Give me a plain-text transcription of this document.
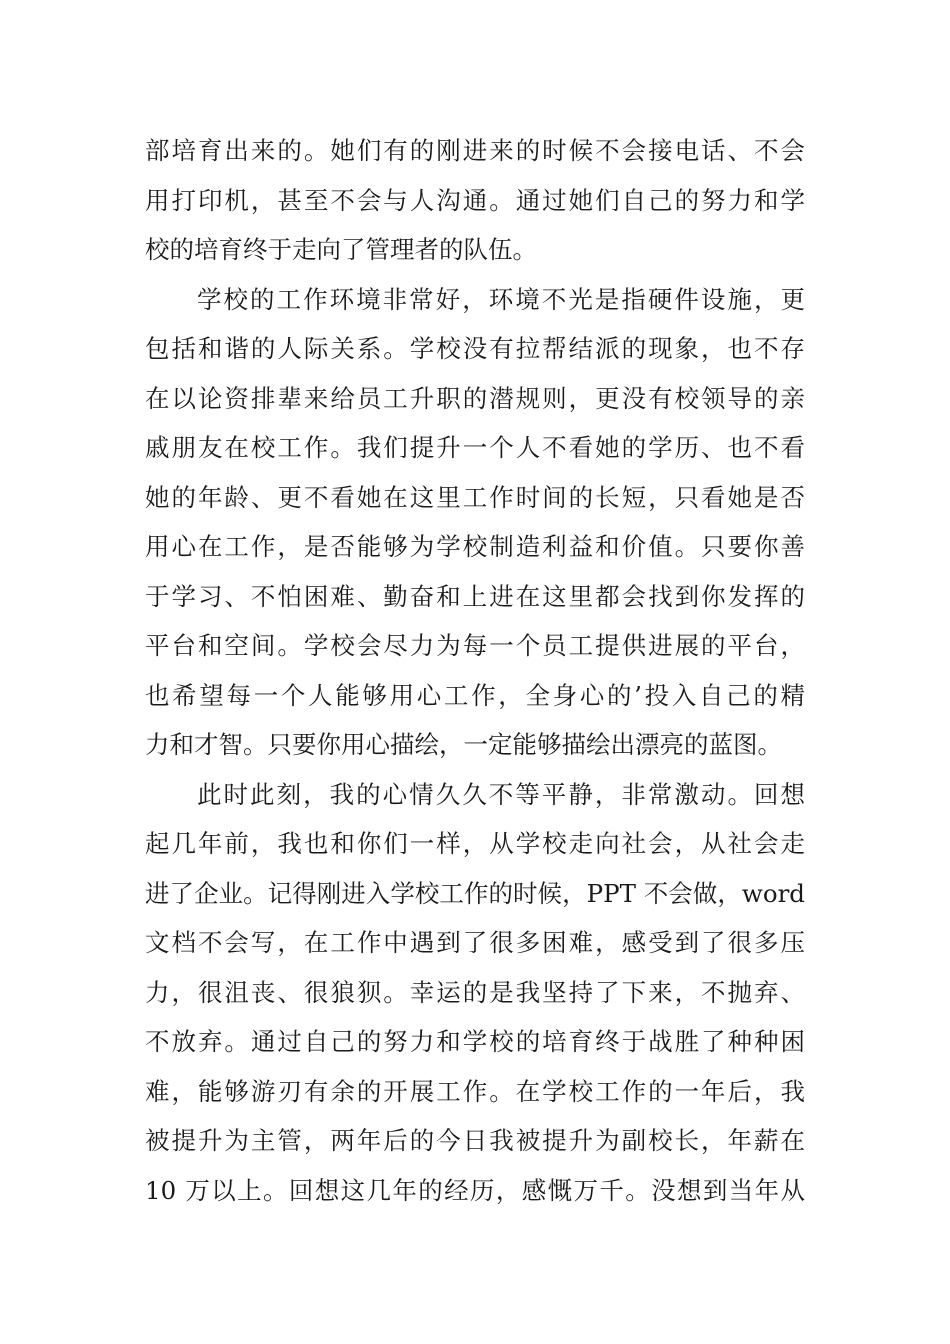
部培育出来的。她们有的刚进来的时候不会接电话、不会
用打印机，甚至不会与人沟通。通过她们自己的努力和学
校的培育终于走向了管理者的队伍。
学校的工作环境非常好，环境不光是指硬件设施，更
包括和谐的人际关系。学校没有拉帮结派的现象，也不存
在以论资排辈来给员工升职的潜规则，更没有校领导的亲
戚朋友在校工作。我们提升一个人不看她的学历、也不看
她的年龄、更不看她在这里工作时间的长短，只看她是否
用心在工作，是否能够为学校制造利益和价值。只要你善
于学习、不怕困难、勤奋和上进在这里都会找到你发挥的
平台和空间。学校会尽力为每一个员工提供进展的平台，
也希望每一个人能够用心工作，全身心的’投入自己的精
力和才智。只要你用心描绘，一定能够描绘出漂亮的蓝图。
此时此刻，我的心情久久不等平静，非常激动。回想
起几年前，我也和你们一样，从学校走向社会，从社会走
进了企业。记得刚进入学校工作的时候，PPT 不会做，word
文档不会写，在工作中遇到了很多困难，感受到了很多压
力，很沮丧、很狼狈。幸运的是我坚持了下来，不抛弃、
不放弃。通过自己的努力和学校的培育终于战胜了种种困
难，能够游刃有余的开展工作。在学校工作的一年后，我
被提升为主管，两年后的今日我被提升为副校长，年薪在
10 万以上。回想这几年的经历，感慨万千。没想到当年从
